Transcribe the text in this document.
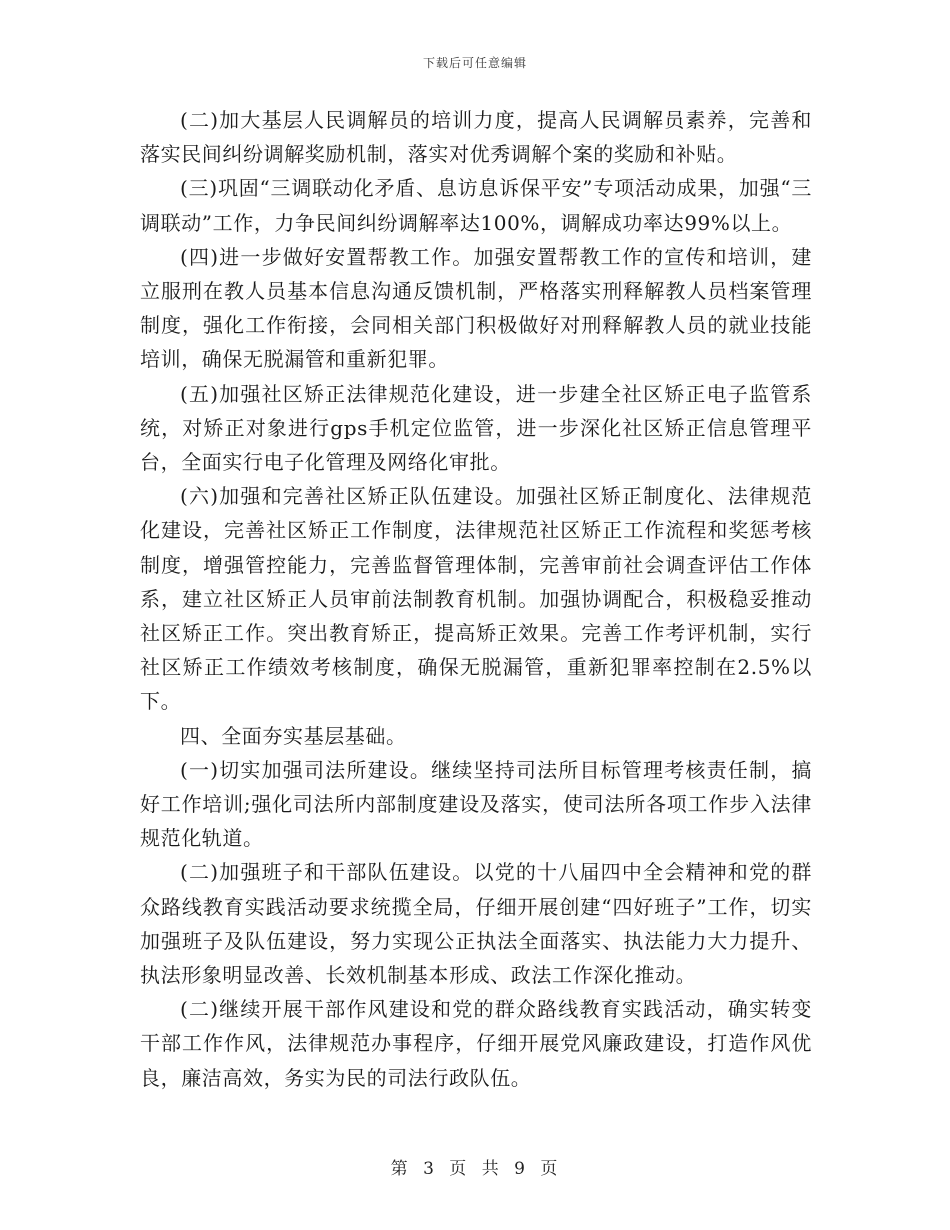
下载后可任意编辑

(二)加大基层人民调解员的培训力度，提高人民调解员素养，完善和落实民间纠纷调解奖励机制，落实对优秀调解个案的奖励和补贴。

(三)巩固“三调联动化矛盾、息访息诉保平安”专项活动成果，加强“三调联动”工作，力争民间纠纷调解率达100%，调解成功率达99%以上。

(四)进一步做好安置帮教工作。加强安置帮教工作的宣传和培训，建立服刑在教人员基本信息沟通反馈机制，严格落实刑释解教人员档案管理制度，强化工作衔接，会同相关部门积极做好对刑释解教人员的就业技能培训，确保无脱漏管和重新犯罪。

(五)加强社区矫正法律规范化建设，进一步建全社区矫正电子监管系统，对矫正对象进行gps手机定位监管，进一步深化社区矫正信息管理平台，全面实行电子化管理及网络化审批。

(六)加强和完善社区矫正队伍建设。加强社区矫正制度化、法律规范化建设，完善社区矫正工作制度，法律规范社区矫正工作流程和奖惩考核制度，增强管控能力，完善监督管理体制，完善审前社会调查评估工作体系，建立社区矫正人员审前法制教育机制。加强协调配合，积极稳妥推动社区矫正工作。突出教育矫正，提高矫正效果。完善工作考评机制，实行社区矫正工作绩效考核制度，确保无脱漏管，重新犯罪率控制在2.5%以下。

四、全面夯实基层基础。

(一)切实加强司法所建设。继续坚持司法所目标管理考核责任制，搞好工作培训;强化司法所内部制度建设及落实，使司法所各项工作步入法律规范化轨道。

(二)加强班子和干部队伍建设。以党的十八届四中全会精神和党的群众路线教育实践活动要求统揽全局，仔细开展创建“四好班子”工作，切实加强班子及队伍建设，努力实现公正执法全面落实、执法能力大力提升、执法形象明显改善、长效机制基本形成、政法工作深化推动。

(二)继续开展干部作风建设和党的群众路线教育实践活动，确实转变干部工作作风，法律规范办事程序，仔细开展党风廉政建设，打造作风优良，廉洁高效，务实为民的司法行政队伍。

第 3 页 共 9 页
